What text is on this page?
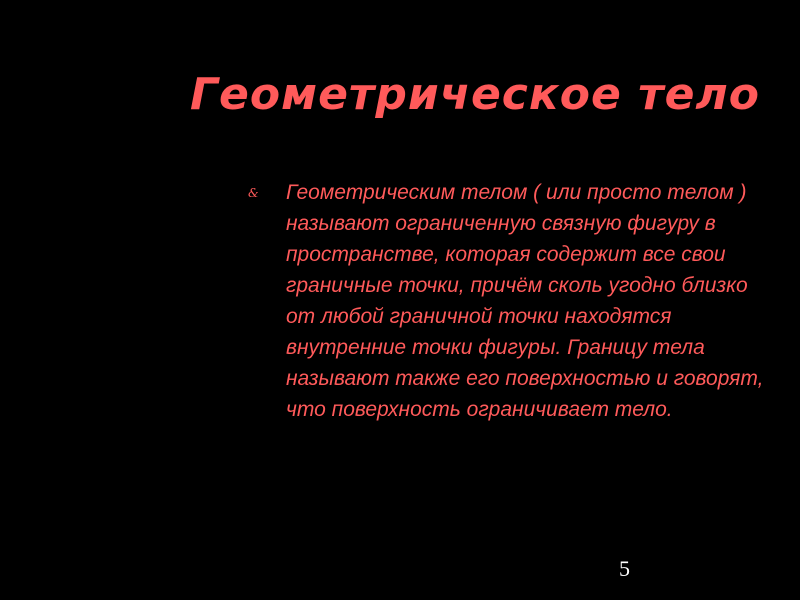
Геометрическое тело
& Геометрическим телом ( или просто телом ) называют ограниченную связную фигуру в пространстве, которая содержит все свои граничные точки, причём сколь угодно близко от любой граничной точки находятся внутренние точки фигуры. Границу тела называют также его поверхностью и говорят, что поверхность ограничивает тело.
5
